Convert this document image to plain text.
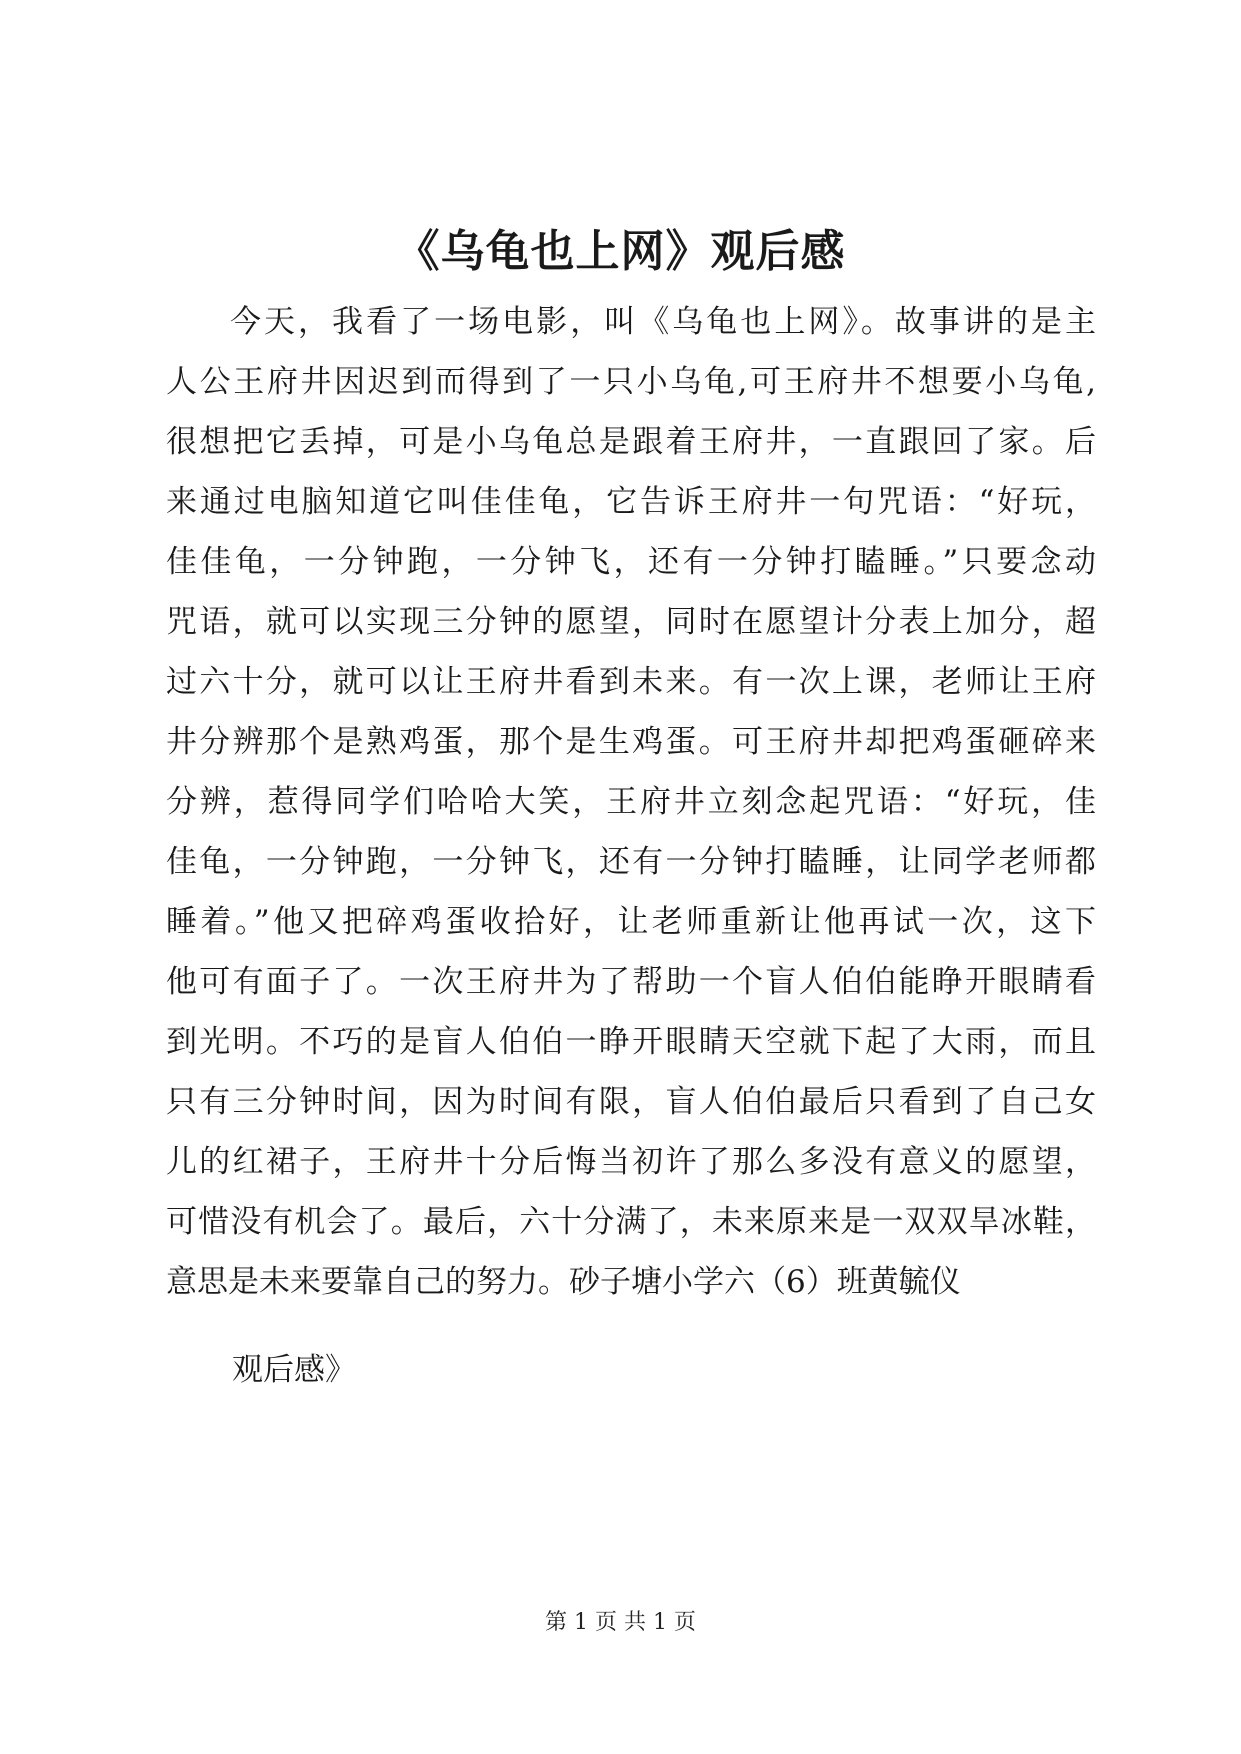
《乌龟也上网》观后感
今天，我看了一场电影，叫《乌龟也上网》。故事讲的是主
人公王府井因迟到而得到了一只小乌龟,可王府井不想要小乌龟,
很想把它丢掉，可是小乌龟总是跟着王府井，一直跟回了家。后
来通过电脑知道它叫佳佳龟，它告诉王府井一句咒语：“好玩，
佳佳龟，一分钟跑，一分钟飞，还有一分钟打瞌睡。”只要念动
咒语，就可以实现三分钟的愿望，同时在愿望计分表上加分，超
过六十分，就可以让王府井看到未来。有一次上课，老师让王府
井分辨那个是熟鸡蛋，那个是生鸡蛋。可王府井却把鸡蛋砸碎来
分辨，惹得同学们哈哈大笑，王府井立刻念起咒语：“好玩，佳
佳龟，一分钟跑，一分钟飞，还有一分钟打瞌睡，让同学老师都
睡着。”他又把碎鸡蛋收拾好，让老师重新让他再试一次，这下
他可有面子了。一次王府井为了帮助一个盲人伯伯能睁开眼睛看
到光明。不巧的是盲人伯伯一睁开眼睛天空就下起了大雨，而且
只有三分钟时间，因为时间有限，盲人伯伯最后只看到了自己女
儿的红裙子，王府井十分后悔当初许了那么多没有意义的愿望，
可惜没有机会了。最后，六十分满了，未来原来是一双双旱冰鞋，
意思是未来要靠自己的努力。砂子塘小学六（6）班黄毓仪
观后感》
第 1 页 共 1 页
